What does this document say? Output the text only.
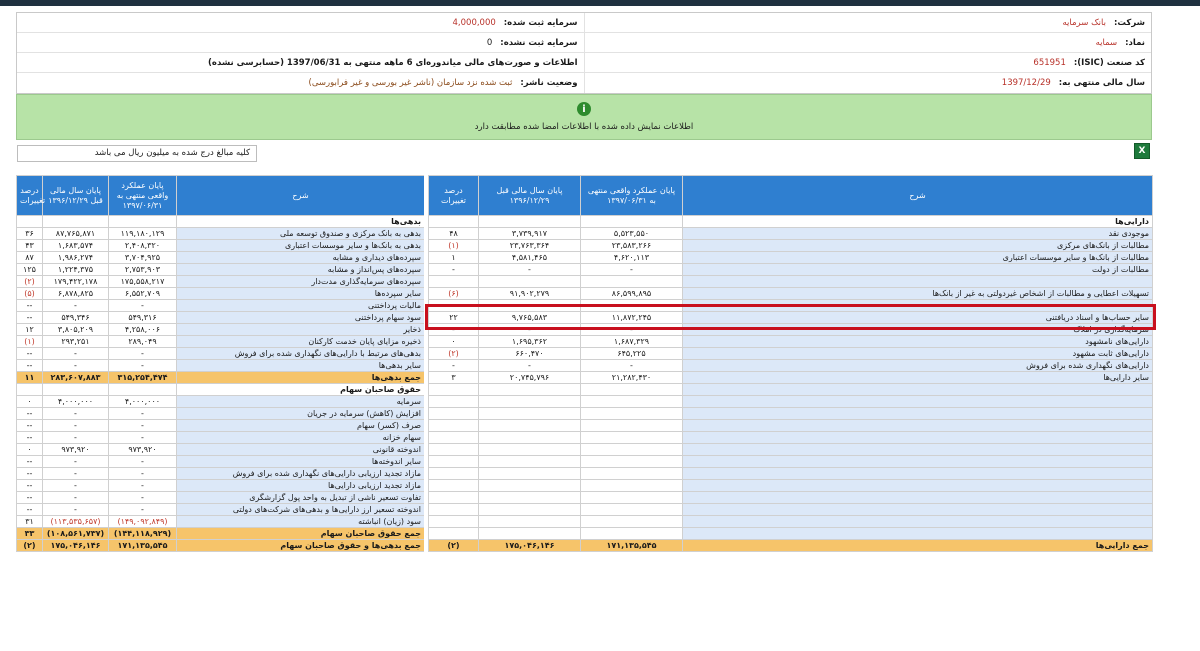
شرکت:
بانک سرمایه
سرمایه ثبت شده:
4,000,000
نماد:
سمایه
سرمایه ثبت نشده:
0
کد صنعت (ISIC):
651951
اطلاعات و صورت‌های مالی میاندوره‌ای 6 ماهه منتهی به 1397/06/31 (حسابرسی نشده)
سال مالی منتهی به:
1397/12/29
وضعیت ناشر:
ثبت شده نزد سازمان (ناشر غیر بورسی و غیر فرابورسی)
i
اطلاعات نمایش داده شده با اطلاعات امضا شده مطابقت دارد
کلیه مبالغ درج شده به میلیون ریال می باشد	X
درصد تغییرات	پایان سال مالی قبل ۱۳۹۶/۱۲/۲۹	پایان عملکرد واقعی منتهی به ۱۳۹۷/۰۶/۳۱	شرح
			بدهی‌ها
۳۶	۸۷,۷۶۵,۸۷۱	۱۱۹,۱۸۰,۱۲۹	بدهی به بانک مرکزی و صندوق توسعه ملی
۴۳	۱,۶۸۳,۵۷۴	۲,۴۰۸,۳۲۰	بدهی به بانک‌ها و سایر موسسات اعتباری
۸۷	۱,۹۸۶,۲۷۴	۳,۷۰۴,۹۲۵	سپرده‌های دیداری و مشابه
۱۲۵	۱,۲۲۴,۳۷۵	۲,۷۵۳,۹۰۳	سپرده‌های پس‌انداز و مشابه
(۲)	۱۷۹,۴۲۲,۱۷۸	۱۷۵,۵۵۸,۲۱۷	سپرده‌های سرمایه‌گذاری مدت‌دار
(۵)	۶,۸۷۸,۸۲۵	۶,۵۵۲,۷۰۹	سایر سپرده‌ها
--	-	-	مالیات پرداختنی
--	۵۴۹,۳۴۶	۵۴۹,۳۱۶	سود سهام پرداختنی
۱۲	۳,۸۰۵,۲۰۹	۴,۲۵۸,۰۰۶	ذخایر
(۱)	۲۹۳,۲۵۱	۲۸۹,۰۴۹	ذخیره مزایای پایان خدمت کارکنان
--	-	-	بدهی‌های مرتبط با دارایی‌های نگهداری شده برای فروش
--	-	-	سایر بدهی‌ها
۱۱	۲۸۳,۶۰۷,۸۸۳	۳۱۵,۲۵۴,۴۷۴	جمع بدهی‌ها
			حقوق صاحبان سهام
۰	۴,۰۰۰,۰۰۰	۴,۰۰۰,۰۰۰	سرمایه
--	-	-	افزایش (کاهش) سرمایه در جریان
--	-	-	صرف (کسر) سهام
--	-	-	سهام خزانه
۰	۹۷۳,۹۲۰	۹۷۳,۹۲۰	اندوخته قانونی
--	-	-	سایر اندوخته‌ها
--	-	-	مازاد تجدید ارزیابی دارایی‌های نگهداری شده برای فروش
--	-	-	مازاد تجدید ارزیابی دارایی‌ها
--	-	-	تفاوت تسعیر ناشی از تبدیل به واحد پول گزارشگری
--	-	-	اندوخته تسعیر ارز دارایی‌ها و بدهی‌های شرکت‌های دولتی
۳۱	(۱۱۳,۵۳۵,۶۵۷)	(۱۴۹,۰۹۲,۸۴۹)	سود (زیان) انباشته
۳۳	(۱۰۸,۵۶۱,۷۳۷)	(۱۴۴,۱۱۸,۹۲۹)	جمع حقوق صاحبان سهام
(۲)	۱۷۵,۰۴۶,۱۴۶	۱۷۱,۱۳۵,۵۴۵	جمع بدهی‌ها و حقوق صاحبان سهام
درصد تغییرات	پایان سال مالی قبل ۱۳۹۶/۱۲/۲۹	پایان عملکرد واقعی منتهی به ۱۳۹۷/۰۶/۳۱	شرح
			دارایی‌ها
۴۸	۳,۷۳۹,۹۱۷	۵,۵۲۳,۵۵۰	موجودی نقد
(۱)	۲۳,۷۶۳,۳۶۴	۲۳,۵۸۳,۲۶۶	مطالبات از بانک‌های مرکزی
۱	۴,۵۸۱,۴۶۵	۴,۶۲۰,۱۱۳	مطالبات از بانک‌ها و سایر موسسات اعتباری
-	-	-	مطالبات از دولت

(۶)	۹۱,۹۰۲,۲۷۹	۸۶,۵۹۹,۸۹۵	تسهیلات اعطایی و مطالبات از اشخاص غیردولتی به غیر از بانک‌ها

۲۲	۹,۷۶۵,۵۸۳	۱۱,۸۷۲,۲۴۵	سایر حساب‌ها و اسناد دریافتنی
-	-	-	سرمایه‌گذاری در املاک
۰	۱,۶۹۵,۳۶۲	۱,۶۸۷,۳۲۹	دارایی‌های نامشهود
(۲)	۶۶۰,۴۷۰	۶۴۵,۲۲۵	دارایی‌های ثابت مشهود
-	-	-	دارایی‌های نگهداری شده برای فروش
۳	۲۰,۷۴۵,۷۹۶	۲۱,۲۸۲,۴۳۰	سایر دارایی‌ها

(۲)	۱۷۵,۰۴۶,۱۴۶	۱۷۱,۱۳۵,۵۴۵	جمع دارایی‌ها
